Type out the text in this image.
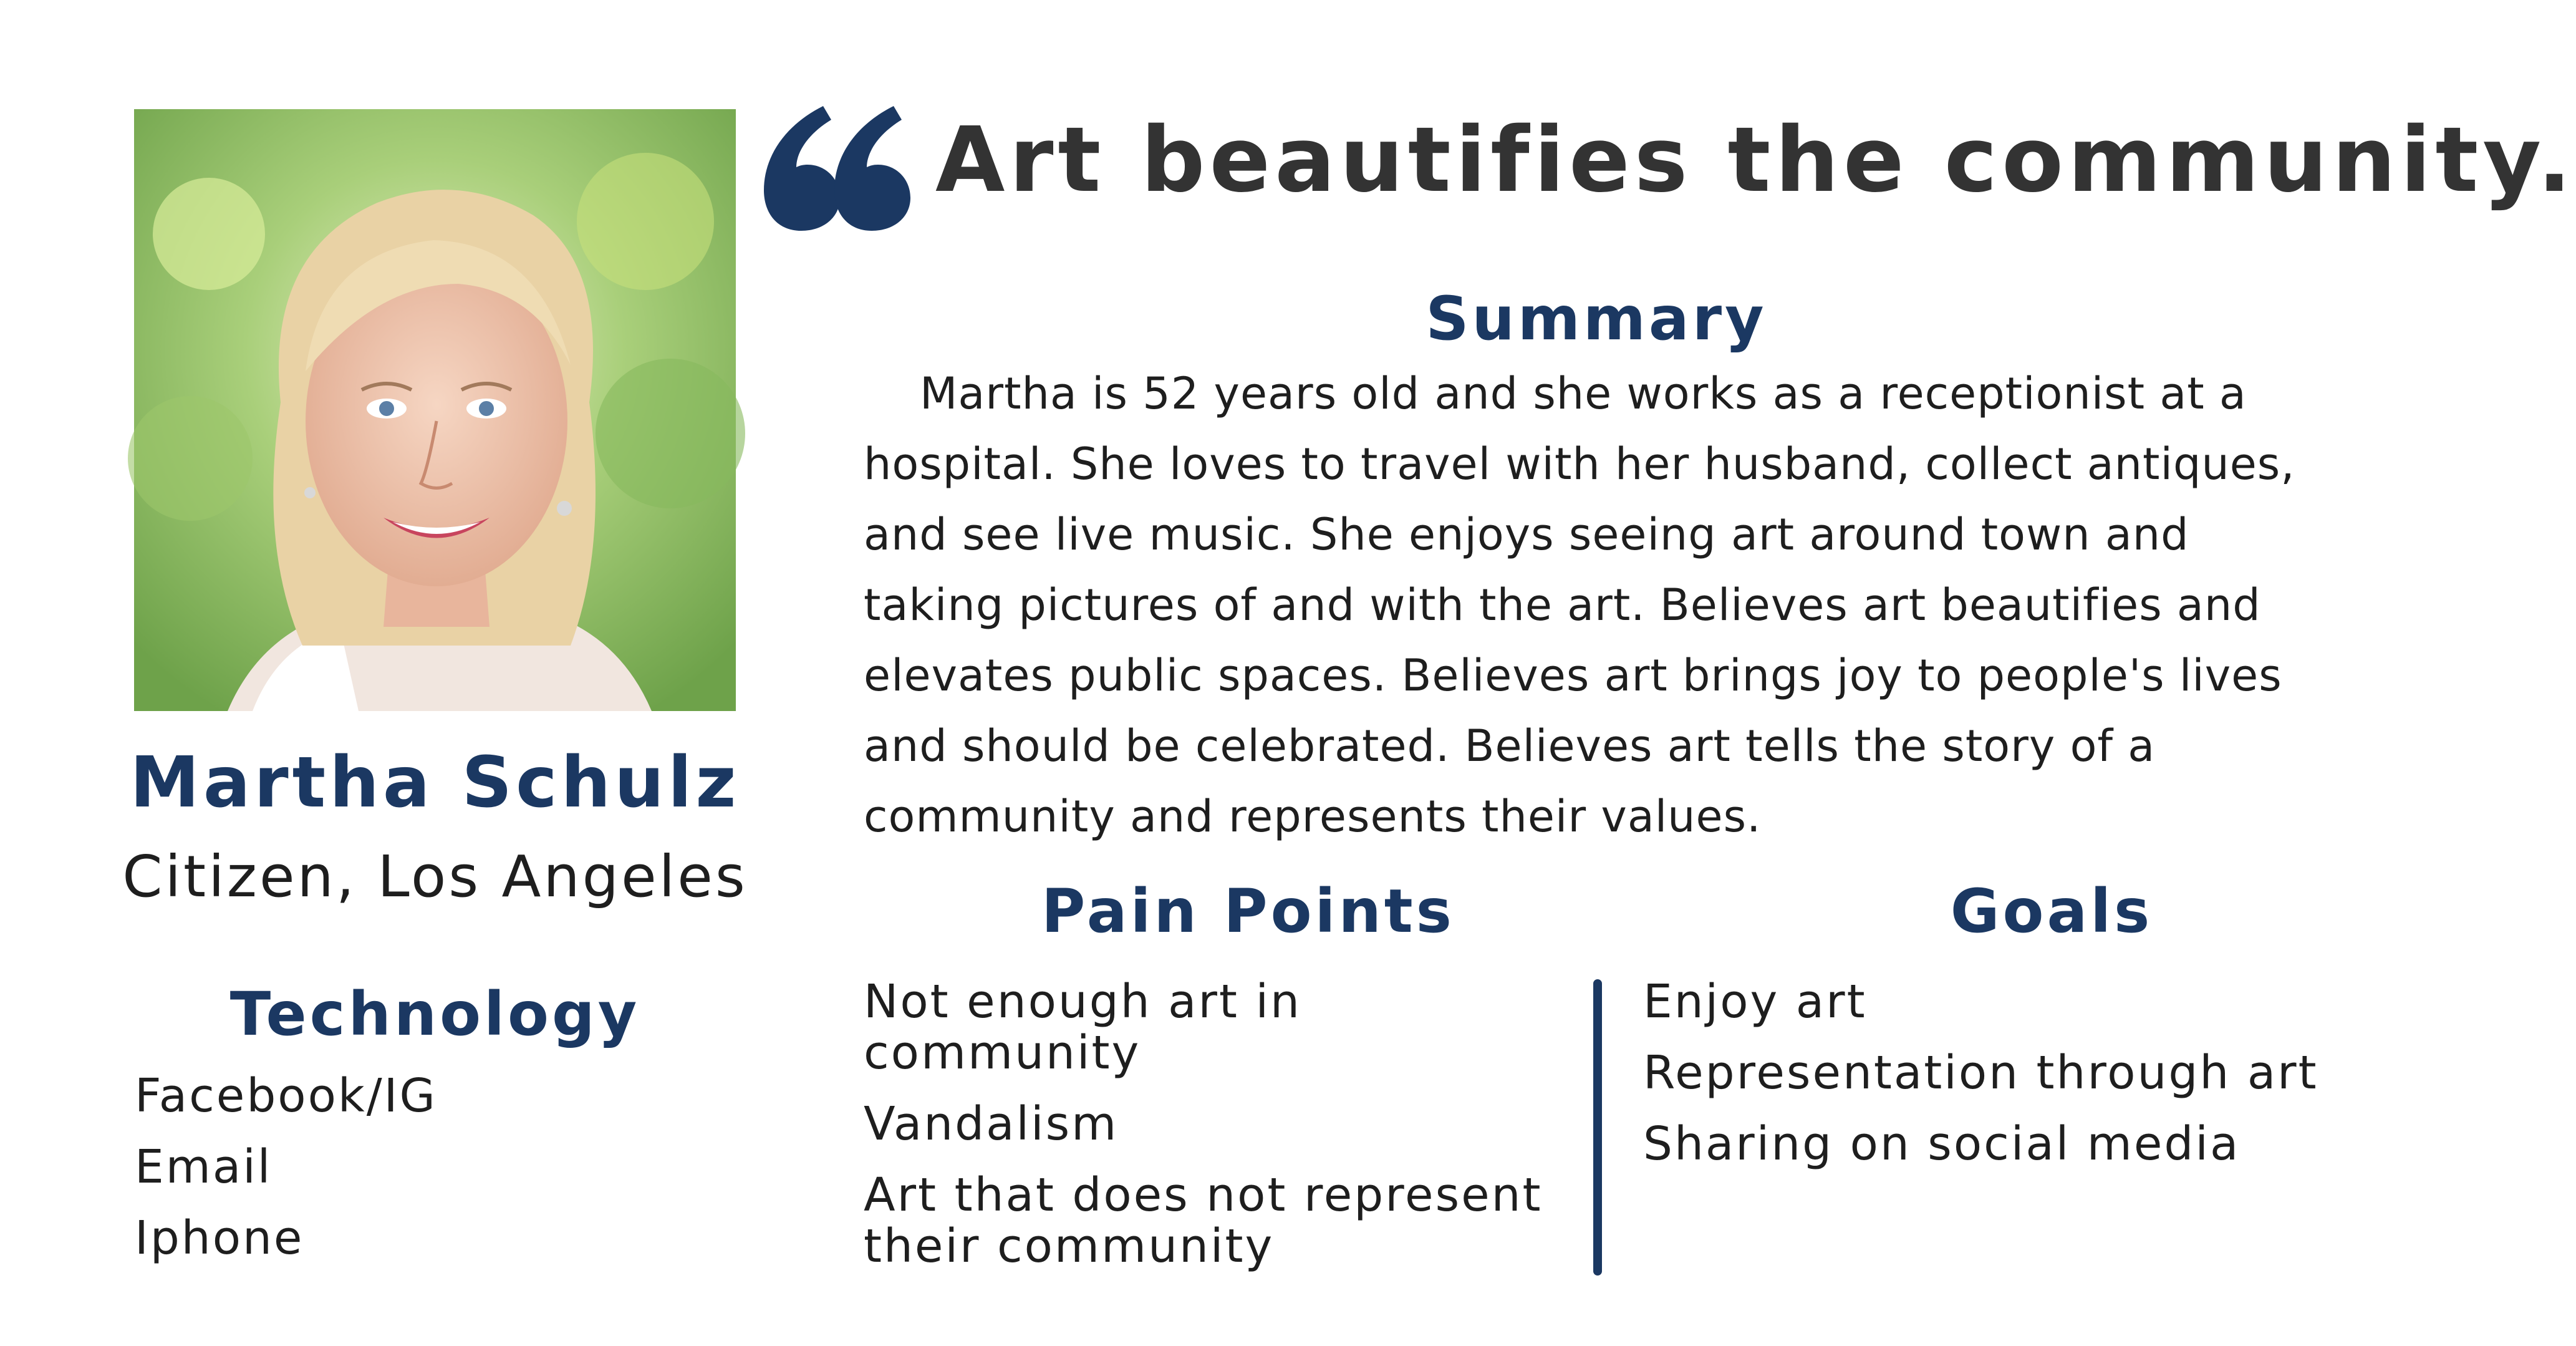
Martha Schulz
Citizen, Los Angeles
Technology
Facebook/IG
Email
Iphone
Art beautifies the community.
Summary

Martha is 52 years old and she works as a receptionist at a hospital. She loves to travel with her husband, collect antiques, and see live music. She enjoys seeing art around town and taking pictures of and with the art. Believes art beautifies and elevates public spaces. Believes art brings joy to people's lives and should be celebrated. Believes art tells the story of a community and represents their values.

Pain Points
Not enough art in community
Vandalism
Art that does not represent their community
Goals
Enjoy art
Representation through art
Sharing on social media
